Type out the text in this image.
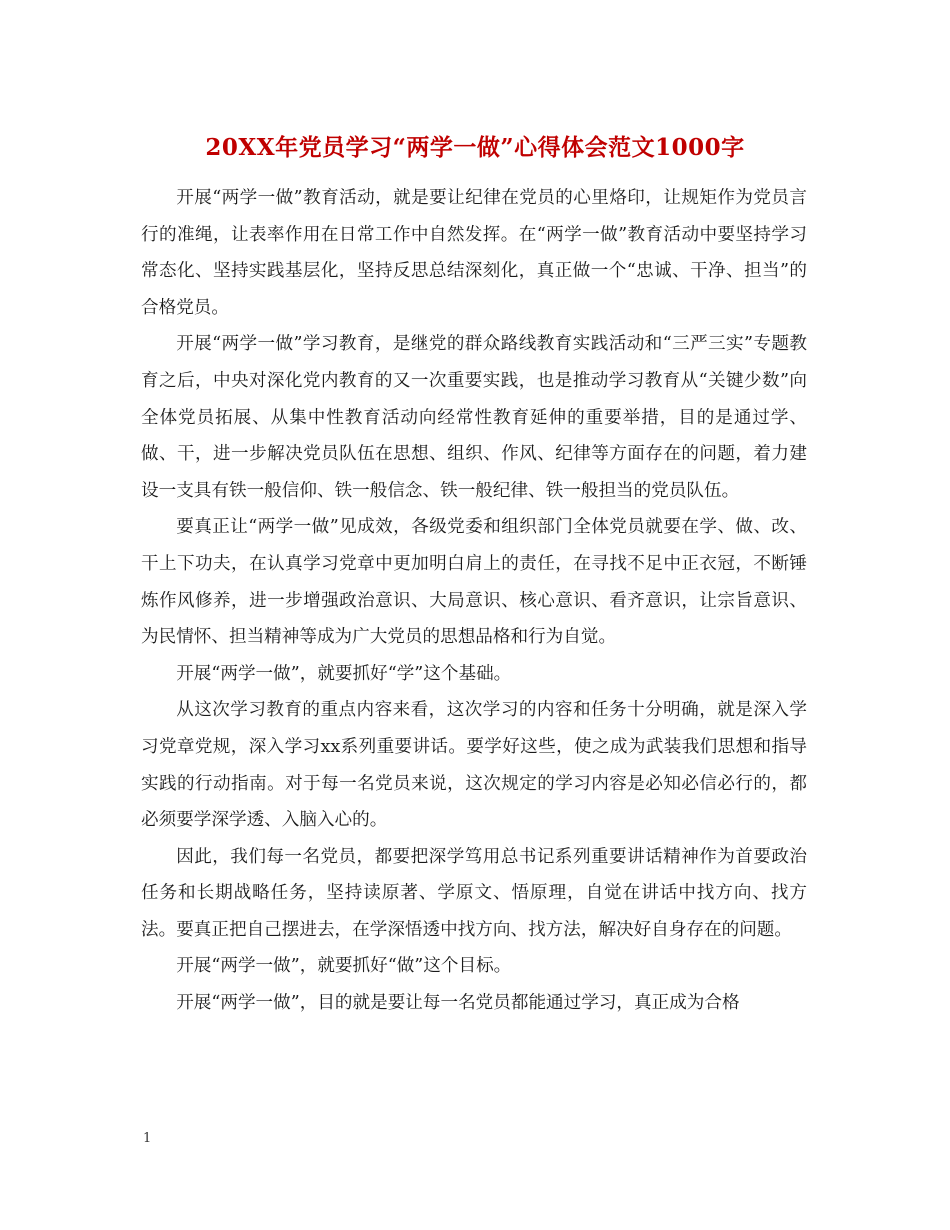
20XX年党员学习“两学一做”心得体会范文1000字

开展“两学一做”教育活动，就是要让纪律在党员的心里烙印，让规矩作为党员言行的准绳，让表率作用在日常工作中自然发挥。在“两学一做”教育活动中要坚持学习常态化、坚持实践基层化，坚持反思总结深刻化，真正做一个“忠诚、干净、担当”的合格党员。

开展“两学一做”学习教育，是继党的群众路线教育实践活动和“三严三实”专题教育之后，中央对深化党内教育的又一次重要实践，也是推动学习教育从“关键少数”向全体党员拓展、从集中性教育活动向经常性教育延伸的重要举措，目的是通过学、做、干，进一步解决党员队伍在思想、组织、作风、纪律等方面存在的问题，着力建设一支具有铁一般信仰、铁一般信念、铁一般纪律、铁一般担当的党员队伍。

要真正让“两学一做”见成效，各级党委和组织部门全体党员就要在学、做、改、干上下功夫，在认真学习党章中更加明白肩上的责任，在寻找不足中正衣冠，不断锤炼作风修养，进一步增强政治意识、大局意识、核心意识、看齐意识，让宗旨意识、为民情怀、担当精神等成为广大党员的思想品格和行为自觉。

开展“两学一做”，就要抓好“学”这个基础。

从这次学习教育的重点内容来看，这次学习的内容和任务十分明确，就是深入学习党章党规，深入学习xx系列重要讲话。要学好这些，使之成为武装我们思想和指导实践的行动指南。对于每一名党员来说，这次规定的学习内容是必知必信必行的，都必须要学深学透、入脑入心的。

因此，我们每一名党员，都要把深学笃用总书记系列重要讲话精神作为首要政治任务和长期战略任务，坚持读原著、学原文、悟原理，自觉在讲话中找方向、找方法。要真正把自己摆进去，在学深悟透中找方向、找方法，解决好自身存在的问题。

开展“两学一做”，就要抓好“做”这个目标。

开展“两学一做”，目的就是要让每一名党员都能通过学习，真正成为合格

1
